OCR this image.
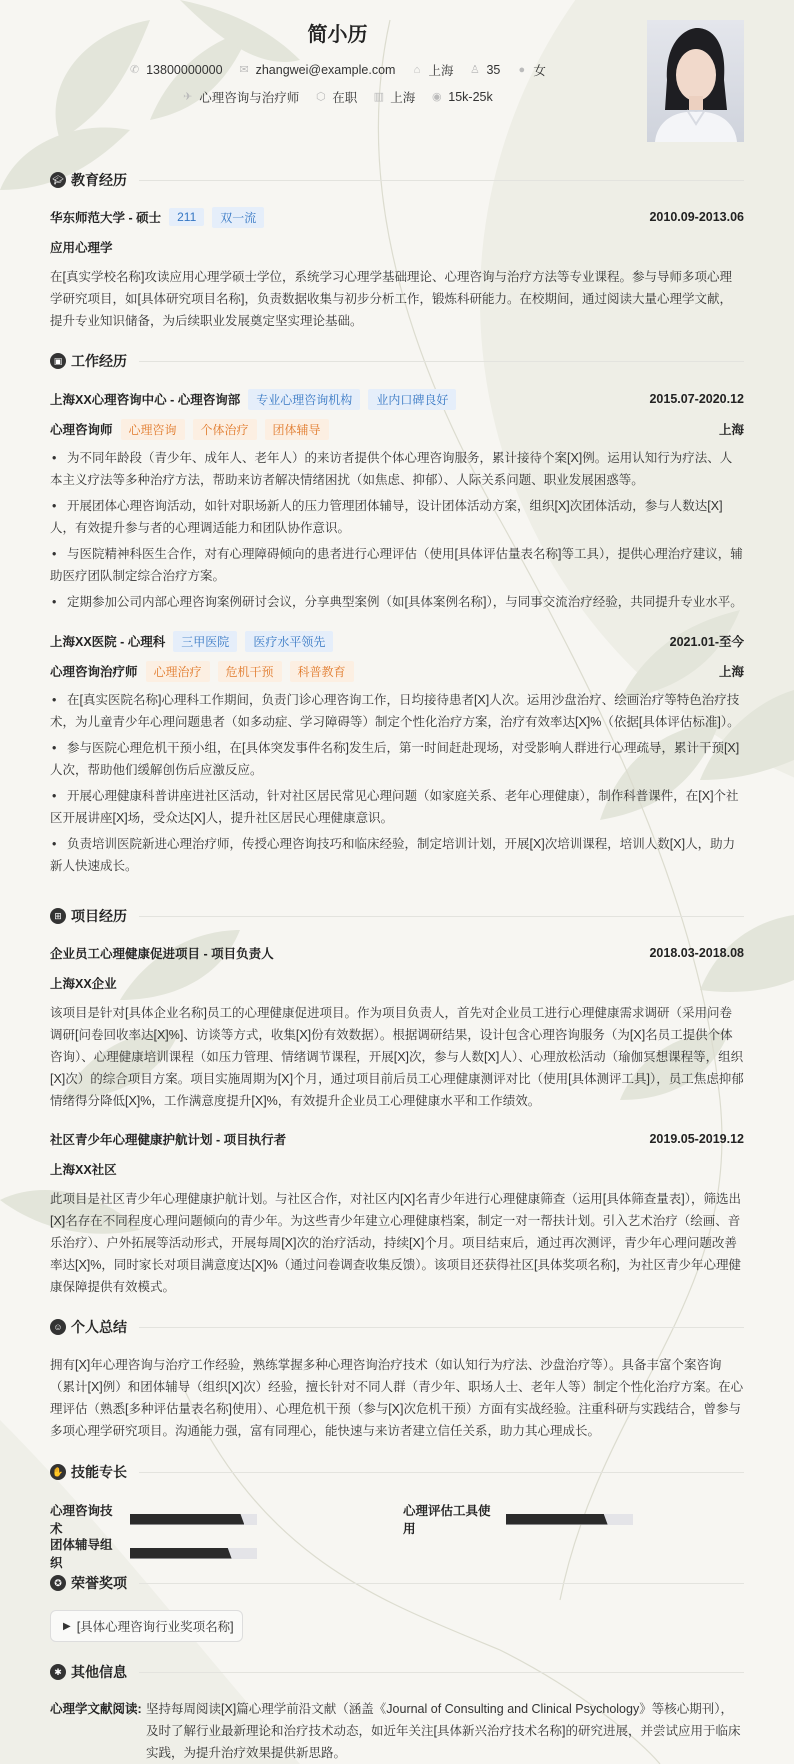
简小历
✆ 13800000000 ✉ zhangwei@example.com ⌂ 上海 ♙ 35 ● 女
✈ 心理咨询与治疗师 ⬡ 在职 ▥ 上海 ◉ 15k-25k
🎓︎ 教育经历
华东师范大学 - 硕士	211	双一流	2010.09-2013.06
应用心理学
在[真实学校名称]攻读应用心理学硕士学位，系统学习心理学基础理论、心理咨询与治疗方法等专业课程。参与导师多项心理学研究项目，如[具体研究项目名称]，负责数据收集与初步分析工作，锻炼科研能力。在校期间，通过阅读大量心理学文献，提升专业知识储备，为后续职业发展奠定坚实理论基础。
▣ 工作经历
上海XX心理咨询中心 - 心理咨询部	专业心理咨询机构	业内口碑良好	2015.07-2020.12
心理咨询师	心理咨询	个体治疗	团体辅导	上海
• 为不同年龄段（青少年、成年人、老年人）的来访者提供个体心理咨询服务，累计接待个案[X]例。运用认知行为疗法、人本主义疗法等多种治疗方法，帮助来访者解决情绪困扰（如焦虑、抑郁）、人际关系问题、职业发展困惑等。
• 开展团体心理咨询活动，如针对职场新人的压力管理团体辅导，设计团体活动方案，组织[X]次团体活动，参与人数达[X]人，有效提升参与者的心理调适能力和团队协作意识。
• 与医院精神科医生合作，对有心理障碍倾向的患者进行心理评估（使用[具体评估量表名称]等工具），提供心理治疗建议，辅助医疗团队制定综合治疗方案。
• 定期参加公司内部心理咨询案例研讨会议，分享典型案例（如[具体案例名称]），与同事交流治疗经验，共同提升专业水平。
上海XX医院 - 心理科	三甲医院	医疗水平领先	2021.01-至今
心理咨询治疗师	心理治疗	危机干预	科普教育	上海
• 在[真实医院名称]心理科工作期间，负责门诊心理咨询工作，日均接待患者[X]人次。运用沙盘治疗、绘画治疗等特色治疗技术，为儿童青少年心理问题患者（如多动症、学习障碍等）制定个性化治疗方案，治疗有效率达[X]%（依据[具体评估标准]）。
• 参与医院心理危机干预小组，在[具体突发事件名称]发生后，第一时间赶赴现场，对受影响人群进行心理疏导，累计干预[X]人次，帮助他们缓解创伤后应激反应。
• 开展心理健康科普讲座进社区活动，针对社区居民常见心理问题（如家庭关系、老年心理健康），制作科普课件，在[X]个社区开展讲座[X]场，受众达[X]人，提升社区居民心理健康意识。
• 负责培训医院新进心理治疗师，传授心理咨询技巧和临床经验，制定培训计划，开展[X]次培训课程，培训人数[X]人，助力新人快速成长。
⊞ 项目经历
企业员工心理健康促进项目 - 项目负责人	2018.03-2018.08
上海XX企业
该项目是针对[具体企业名称]员工的心理健康促进项目。作为项目负责人，首先对企业员工进行心理健康需求调研（采用问卷调研[问卷回收率达[X]%]、访谈等方式，收集[X]份有效数据）。根据调研结果，设计包含心理咨询服务（为[X]名员工提供个体咨询）、心理健康培训课程（如压力管理、情绪调节课程，开展[X]次，参与人数[X]人）、心理放松活动（瑜伽冥想课程等，组织[X]次）的综合项目方案。项目实施周期为[X]个月，通过项目前后员工心理健康测评对比（使用[具体测评工具]），员工焦虑抑郁情绪得分降低[X]%，工作满意度提升[X]%，有效提升企业员工心理健康水平和工作绩效。
社区青少年心理健康护航计划 - 项目执行者	2019.05-2019.12
上海XX社区
此项目是社区青少年心理健康护航计划。与社区合作，对社区内[X]名青少年进行心理健康筛查（运用[具体筛查量表]），筛选出[X]名存在不同程度心理问题倾向的青少年。为这些青少年建立心理健康档案，制定一对一帮扶计划。引入艺术治疗（绘画、音乐治疗）、户外拓展等活动形式，开展每周[X]次的治疗活动，持续[X]个月。项目结束后，通过再次测评，青少年心理问题改善率达[X]%，同时家长对项目满意度达[X]%（通过问卷调查收集反馈）。该项目还获得社区[具体奖项名称]，为社区青少年心理健康保障提供有效模式。
☺ 个人总结
拥有[X]年心理咨询与治疗工作经验，熟练掌握多种心理咨询治疗技术（如认知行为疗法、沙盘治疗等）。具备丰富个案咨询（累计[X]例）和团体辅导（组织[X]次）经验，擅长针对不同人群（青少年、职场人士、老年人等）制定个性化治疗方案。在心理评估（熟悉[多种评估量表名称]使用）、心理危机干预（参与[X]次危机干预）方面有实战经验。注重科研与实践结合，曾参与多项心理学研究项目。沟通能力强，富有同理心，能快速与来访者建立信任关系，助力其心理成长。
✋ 技能专长
心理咨询技术
心理评估工具使用
团体辅导组织
✪ 荣誉奖项
▶ [具体心理咨询行业奖项名称]
✱ 其他信息
心理学文献阅读: 坚持每周阅读[X]篇心理学前沿文献（涵盖《Journal of Consulting and Clinical Psychology》等核心期刊），及时了解行业最新理论和治疗技术动态，如近年关注[具体新兴治疗技术名称]的研究进展，并尝试应用于临床实践，为提升治疗效果提供新思路。
